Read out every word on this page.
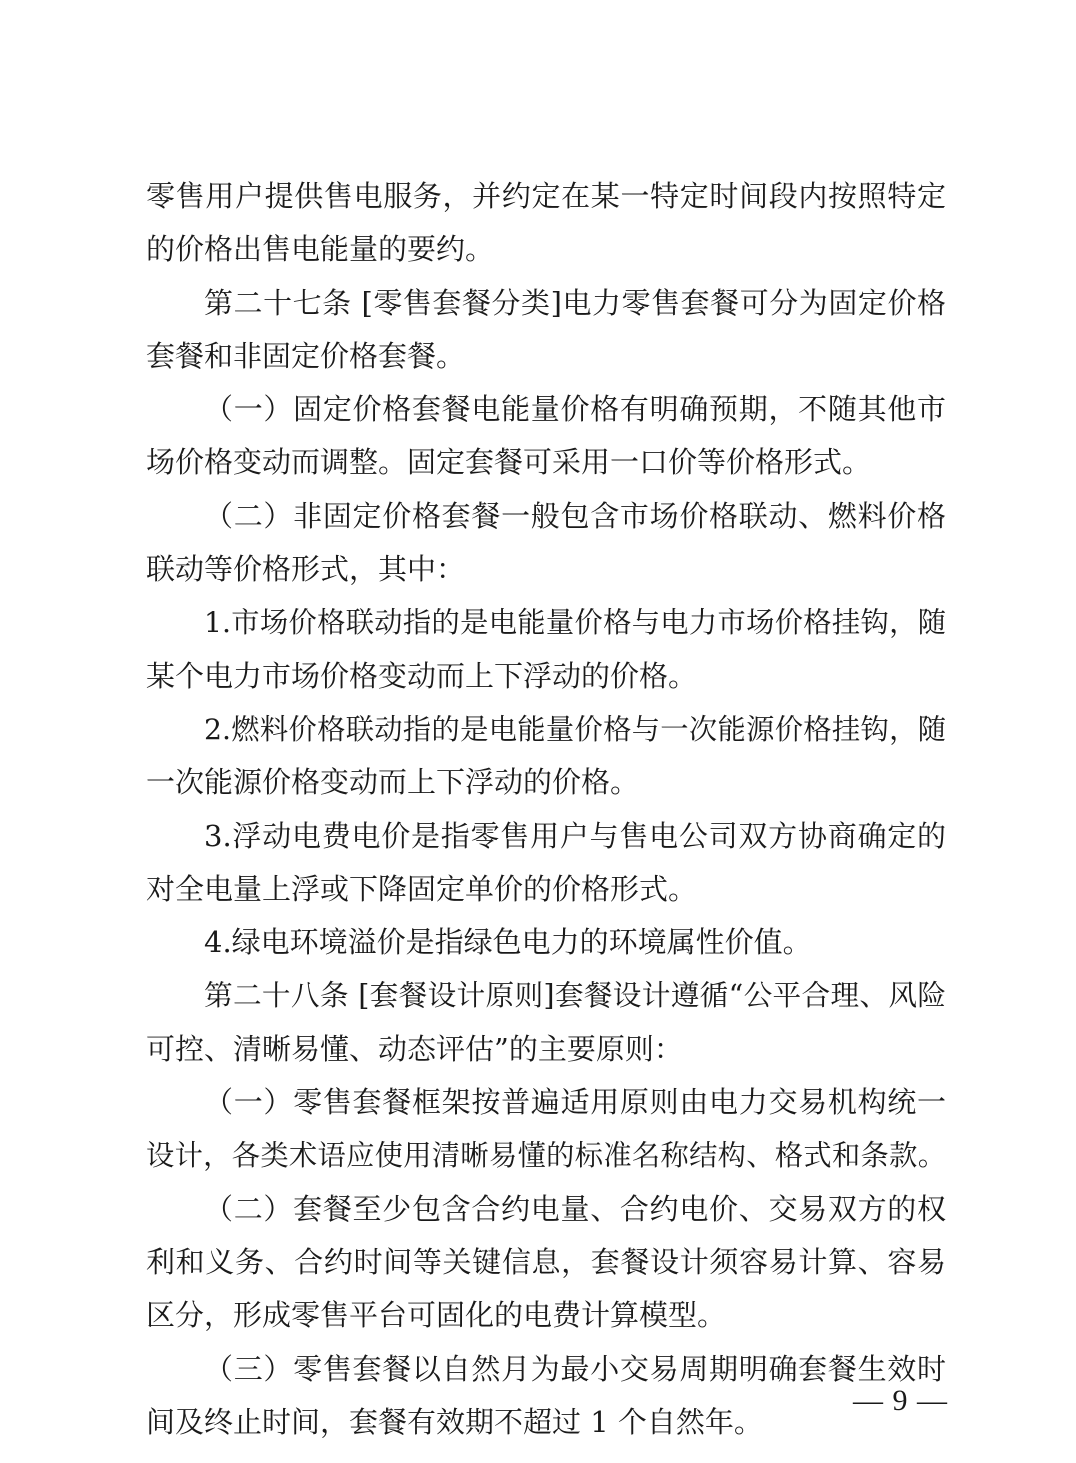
零售用户提供售电服务，并约定在某一特定时间段内按照特定
的价格出售电能量的要约。
第二十七条 [零售套餐分类]电力零售套餐可分为固定价格
套餐和非固定价格套餐。
（一）固定价格套餐电能量价格有明确预期，不随其他市
场价格变动而调整。固定套餐可采用一口价等价格形式。
（二）非固定价格套餐一般包含市场价格联动、燃料价格
联动等价格形式，其中：
1.市场价格联动指的是电能量价格与电力市场价格挂钩，随
某个电力市场价格变动而上下浮动的价格。
2.燃料价格联动指的是电能量价格与一次能源价格挂钩，随
一次能源价格变动而上下浮动的价格。
3.浮动电费电价是指零售用户与售电公司双方协商确定的
对全电量上浮或下降固定单价的价格形式。
4.绿电环境溢价是指绿色电力的环境属性价值。
第二十八条 [套餐设计原则]套餐设计遵循“公平合理、风险
可控、清晰易懂、动态评估”的主要原则：
（一）零售套餐框架按普遍适用原则由电力交易机构统一
设计，各类术语应使用清晰易懂的标准名称结构、格式和条款。
（二）套餐至少包含合约电量、合约电价、交易双方的权
利和义务、合约时间等关键信息，套餐设计须容易计算、容易
区分，形成零售平台可固化的电费计算模型。
（三）零售套餐以自然月为最小交易周期明确套餐生效时
间及终止时间，套餐有效期不超过 1 个自然年。
— 9 —
